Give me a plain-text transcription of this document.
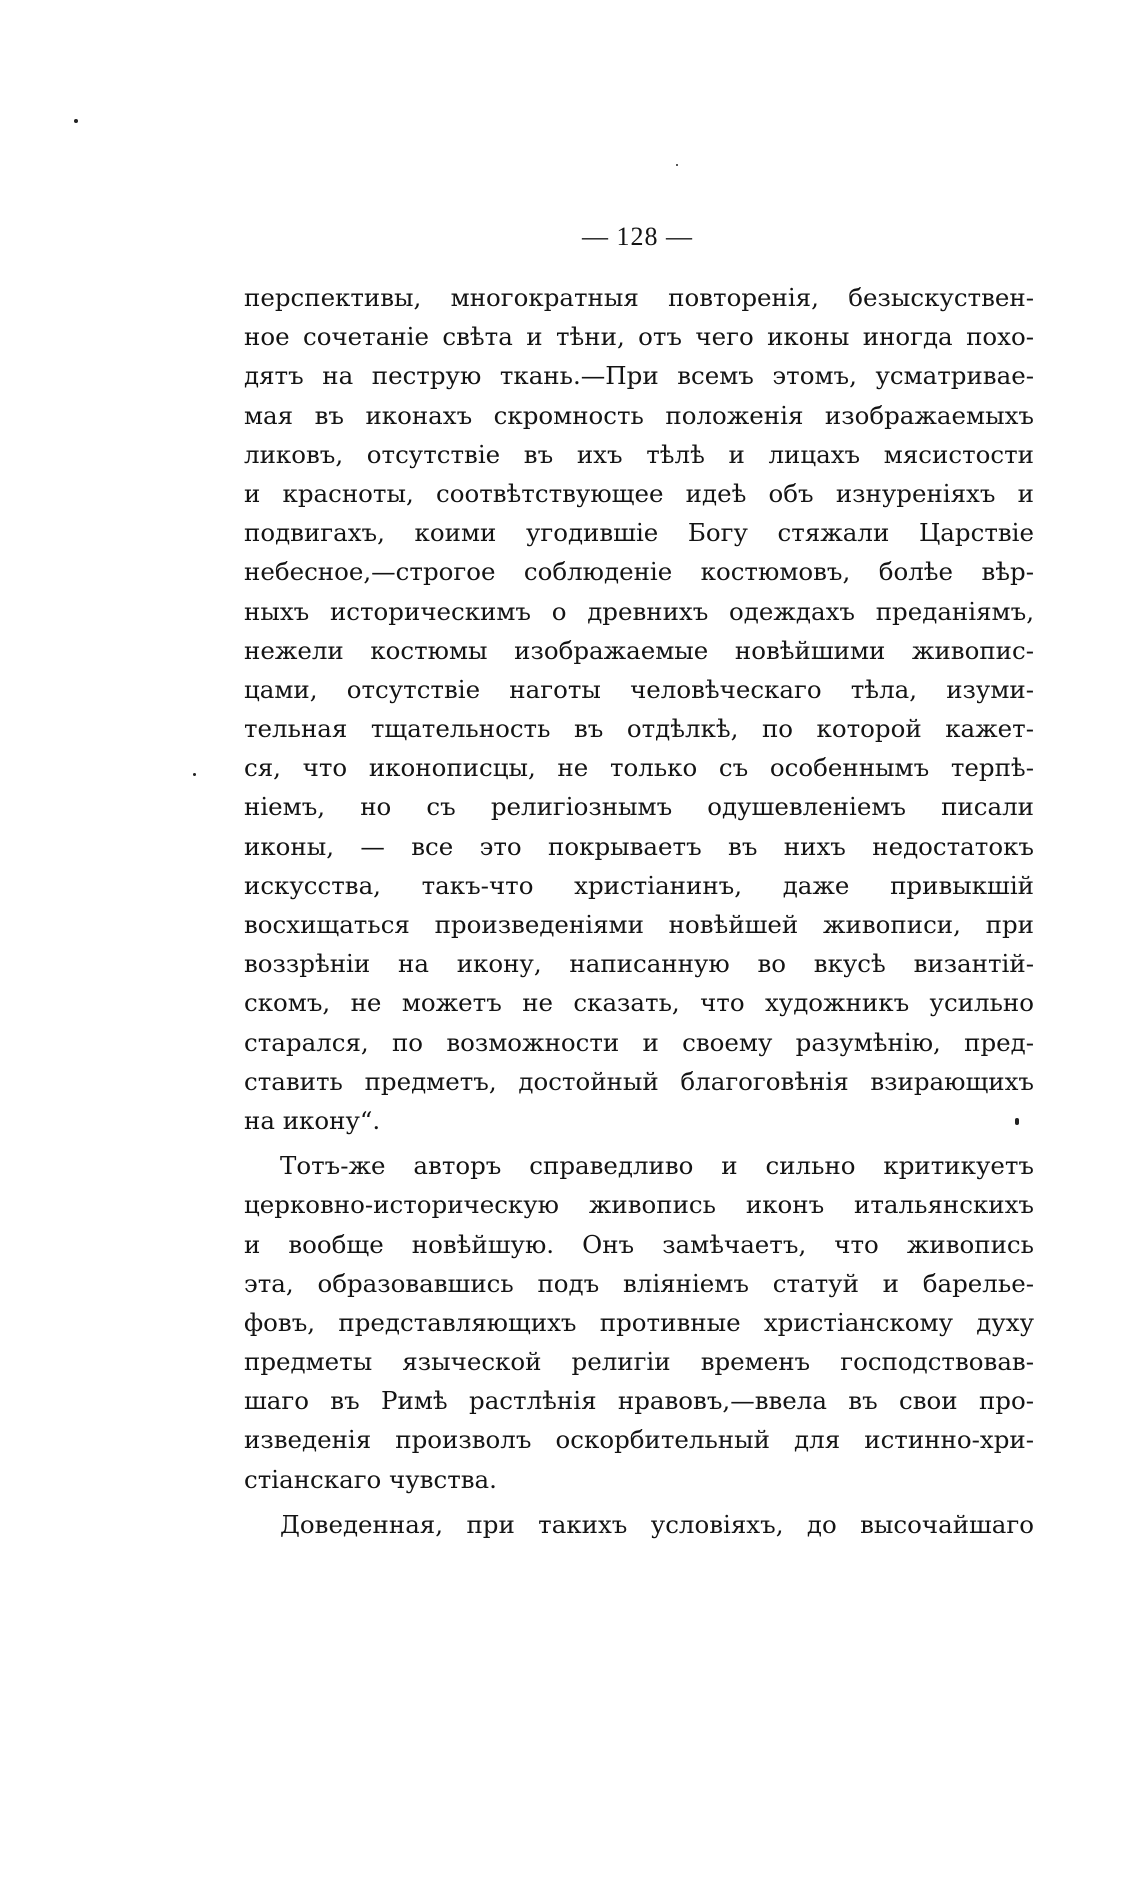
— 128 —
перспективы, многократныя повторенія, безыскуствен-
ное сочетаніе свѣта и тѣни, отъ чего иконы иногда похо-
дятъ на пеструю ткань.—При всемъ этомъ, усматривае-
мая въ иконахъ скромность положенія изображаемыхъ
ликовъ, отсутствіе въ ихъ тѣлѣ и лицахъ мясистости
и красноты, соотвѣтствующее идеѣ объ изнуреніяхъ и
подвигахъ, коими угодившіе Богу стяжали Царствіе
небесное,—строгое соблюденіе костюмовъ, болѣе вѣр-
ныхъ историческимъ о древнихъ одеждахъ преданіямъ,
нежели костюмы изображаемые новѣйшими живопис-
цами, отсутствіе наготы человѣческаго тѣла, изуми-
тельная тщательность въ отдѣлкѣ, по которой кажет-
ся, что иконописцы, не только съ особеннымъ терпѣ-
ніемъ, но съ религіознымъ одушевленіемъ писали
иконы, — все это покрываетъ въ нихъ недостатокъ
искусства, такъ-что христіанинъ, даже привыкшій
восхищаться произведеніями новѣйшей живописи, при
воззрѣніи на икону, написанную во вкусѣ византій-
скомъ, не можетъ не сказать, что художникъ усильно
старался, по возможности и своему разумѣнію, пред-
ставить предметъ, достойный благоговѣнія взирающихъ
на икону“.
Тотъ-же авторъ справедливо и сильно критикуетъ
церковно-историческую живопись иконъ итальянскихъ
и вообще новѣйшую. Онъ замѣчаетъ, что живопись
эта, образовавшись подъ вліяніемъ статуй и барелье-
фовъ, представляющихъ противные христіанскому духу
предметы языческой религіи временъ господствовав-
шаго въ Римѣ растлѣнія нравовъ,—ввела въ свои про-
изведенія произволъ оскорбительный для истинно-хри-
стіанскаго чувства.
Доведенная, при такихъ условіяхъ, до высочайшаго
